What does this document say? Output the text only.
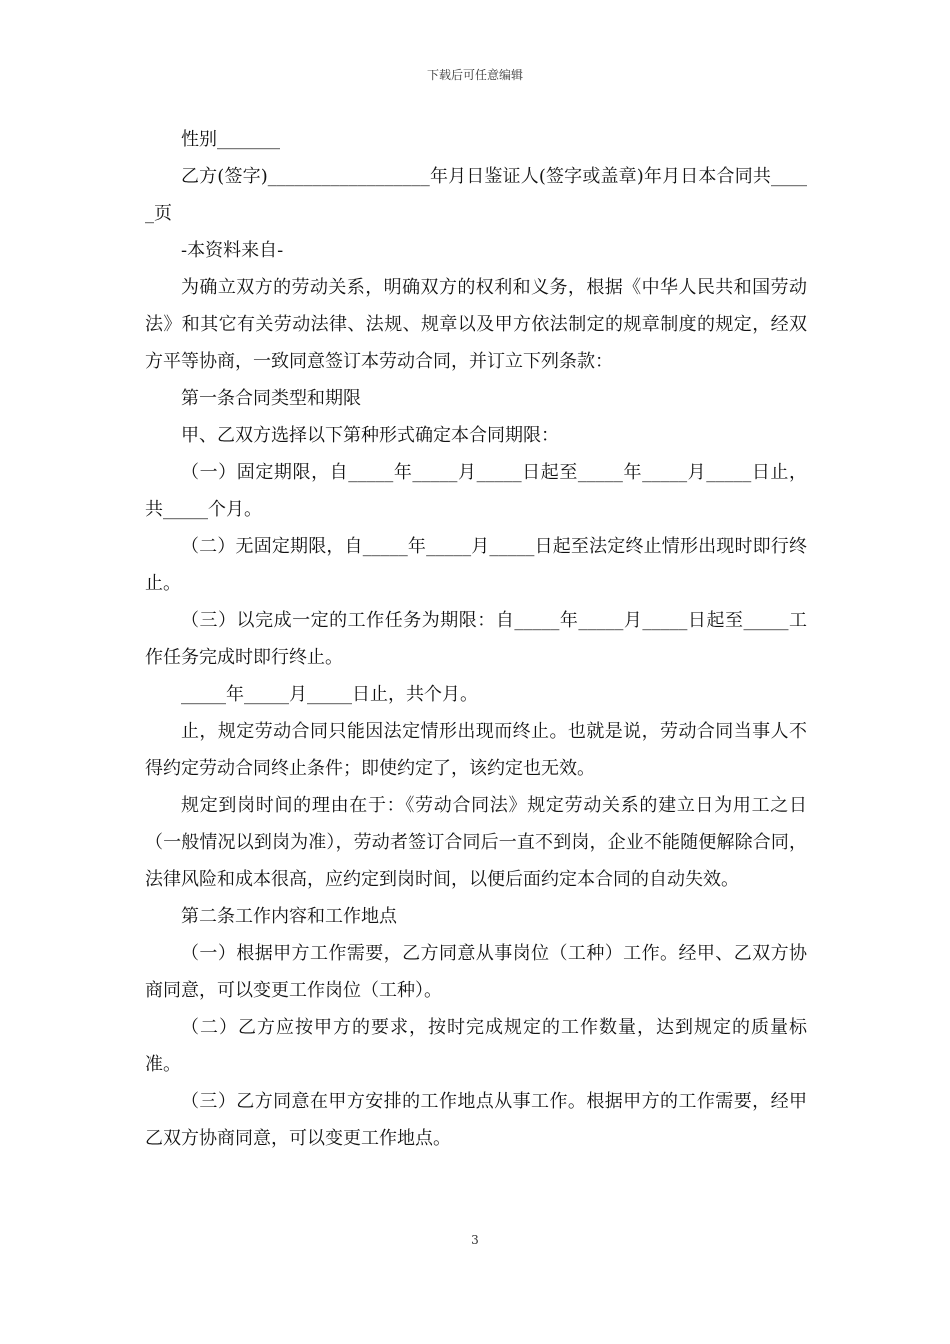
下载后可任意编辑

性别_______

乙方(签字)__________________年月日鉴证人(签字或盖章)年月日本合同共_____页

-本资料来自-

为确立双方的劳动关系，明确双方的权利和义务，根据《中华人民共和国劳动法》和其它有关劳动法律、法规、规章以及甲方依法制定的规章制度的规定，经双方平等协商，一致同意签订本劳动合同，并订立下列条款：

第一条合同类型和期限

甲、乙双方选择以下第种形式确定本合同期限：

（一）固定期限，自_____年_____月_____日起至_____年_____月_____日止，共_____个月。

（二）无固定期限，自_____年_____月_____日起至法定终止情形出现时即行终止。

（三）以完成一定的工作任务为期限：自_____年_____月_____日起至_____工作任务完成时即行终止。

_____年_____月_____日止，共个月。

止，规定劳动合同只能因法定情形出现而终止。也就是说，劳动合同当事人不得约定劳动合同终止条件；即使约定了，该约定也无效。

规定到岗时间的理由在于：《劳动合同法》规定劳动关系的建立日为用工之日（一般情况以到岗为准），劳动者签订合同后一直不到岗，企业不能随便解除合同，法律风险和成本很高，应约定到岗时间，以便后面约定本合同的自动失效。

第二条工作内容和工作地点

（一）根据甲方工作需要，乙方同意从事岗位（工种）工作。经甲、乙双方协商同意，可以变更工作岗位（工种）。

（二）乙方应按甲方的要求，按时完成规定的工作数量，达到规定的质量标准。

（三）乙方同意在甲方安排的工作地点从事工作。根据甲方的工作需要，经甲乙双方协商同意，可以变更工作地点。

3
